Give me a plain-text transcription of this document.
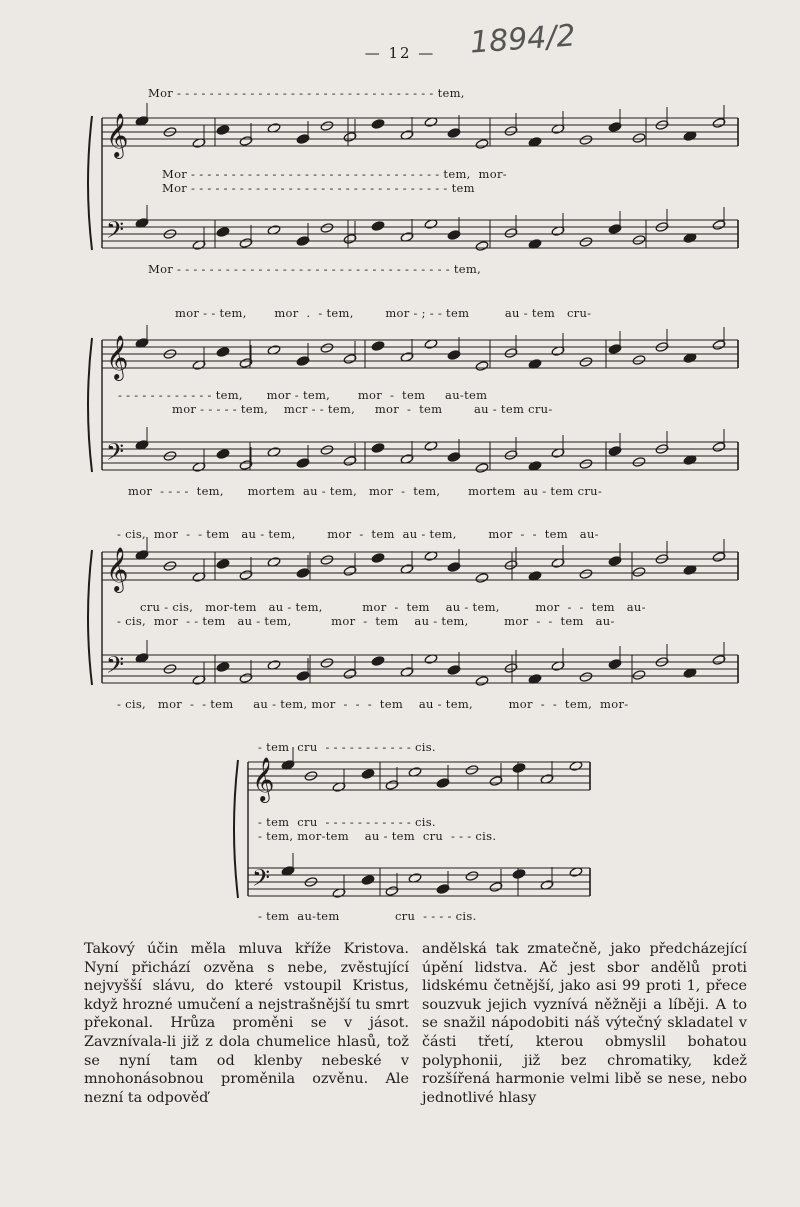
— 12 —	1894/2
𝄞
𝄢
𝄞
𝄢
𝄞
𝄢
𝄞
𝄢
Mor - - - - - - - - - - - - - - - - - - - - - - - - - - - - - - - - tem,
Mor - - - - - - - - - - - - - - - - - - - - - - - - - - - - - - - tem,  mor-
Mor - - - - - - - - - - - - - - - - - - - - - - - - - - - - - - - - tem
Mor - - - - - - - - - - - - - - - - - - - - - - - - - - - - - - - - - - tem,
mor - - tem,       mor  .  - tem,        mor - ; - - tem         au - tem   cru-
- - - - - - - - - - - - tem,      mor - tem,       mor  -  tem     au-tem
mor - - - - - tem,    mcr - - tem,     mor  -  tem        au - tem cru-
mor  - - - -  tem,      mortem  au - tem,   mor  -  tem,       mortem  au - tem cru-
- cis,  mor  -  - tem   au - tem,        mor  -  tem  au - tem,        mor  -  -  tem   au-
cru - cis,   mor-tem   au - tem,          mor  -  tem    au - tem,         mor  -  -  tem   au-
- cis,  mor  - - tem   au - tem,          mor  -  tem    au - tem,         mor  -  -  tem   au-
- cis,   mor  -  - tem     au - tem, mor  -  -  -  tem    au - tem,         mor  -  -  tem,  mor-
- tem  cru  - - - - - - - - - - - cis.
- tem  cru  - - - - - - - - - - - cis.
- tem, mor-tem    au - tem  cru  - - - cis.
- tem  au-tem              cru  - - - - cis.

Takový účin měla mluva kříže Kristova. Nyní přichází ozvěna s nebe, zvěstující nejvyšší slávu, do které vstoupil Kristus, když hrozné umučení a nejstrašnější tu smrt překonal. Hrůza proměni se v jásot. Zavznívala-li již z dola chumelice hlasů, tož se nyní tam od klenby nebeské v mnohonásobnou proměnila ozvěnu. Ale nezní ta odpověď

andělská tak zmatečně, jako předcházející úpění lidstva. Ač jest sbor andělů proti lidskému četnější, jako asi 99 proti 1, přece souzvuk jejich vyznívá něžněji a líběji. A to se snažil nápodobiti náš výtečný skladatel v části třetí, kterou obmyslil bohatou polyphonii, již bez chromatiky, kdež rozšířená harmonie velmi libě se nese, nebo jednotlivé hlasy
